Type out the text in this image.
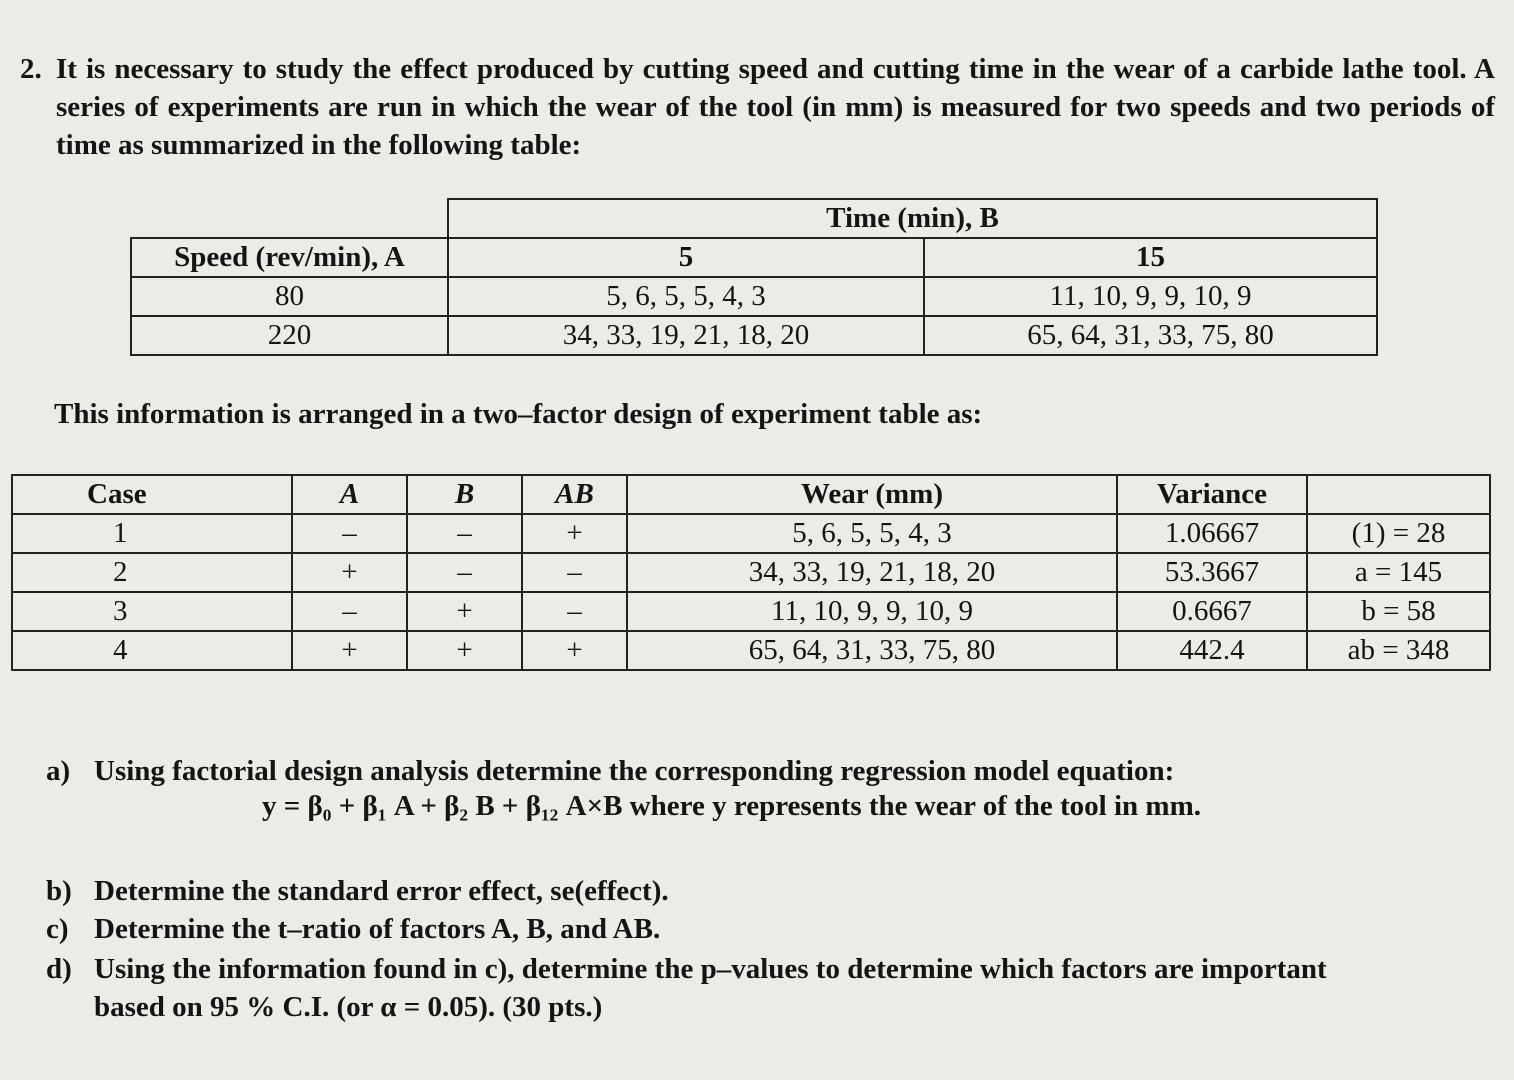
2. It is necessary to study the effect produced by cutting speed and cutting time in the wear of a carbide lathe tool. A series of experiments are run in which the wear of the tool (in mm) is measured for two speeds and two periods of time as summarized in the following table:
	Time (min), B	
Speed (rev/min), A	5	15
80	5, 6, 5, 5, 4, 3	11, 10, 9, 9, 10, 9
220	34, 33, 19, 21, 18, 20	65, 64, 31, 33, 75, 80
This information is arranged in a two–factor design of experiment table as:
Case	A	B	AB	Wear (mm)	Variance	
1	–	–	+	5, 6, 5, 5, 4, 3	1.06667	(1) = 28
2	+	–	–	34, 33, 19, 21, 18, 20	53.3667	a = 145
3	–	+	–	11, 10, 9, 9, 10, 9	0.6667	b = 58
4	+	+	+	65, 64, 31, 33, 75, 80	442.4	ab = 348
a) Using factorial design analysis determine the corresponding regression model equation:
y = β₀ + β₁ A + β₂ B + β₁₂ A×B where y represents the wear of the tool in mm.
b) Determine the standard error effect, se(effect).
c) Determine the t–ratio of factors A, B, and AB.
d) Using the information found in c), determine the p–values to determine which factors are important
based on 95 % C.I. (or α = 0.05). (30 pts.)
